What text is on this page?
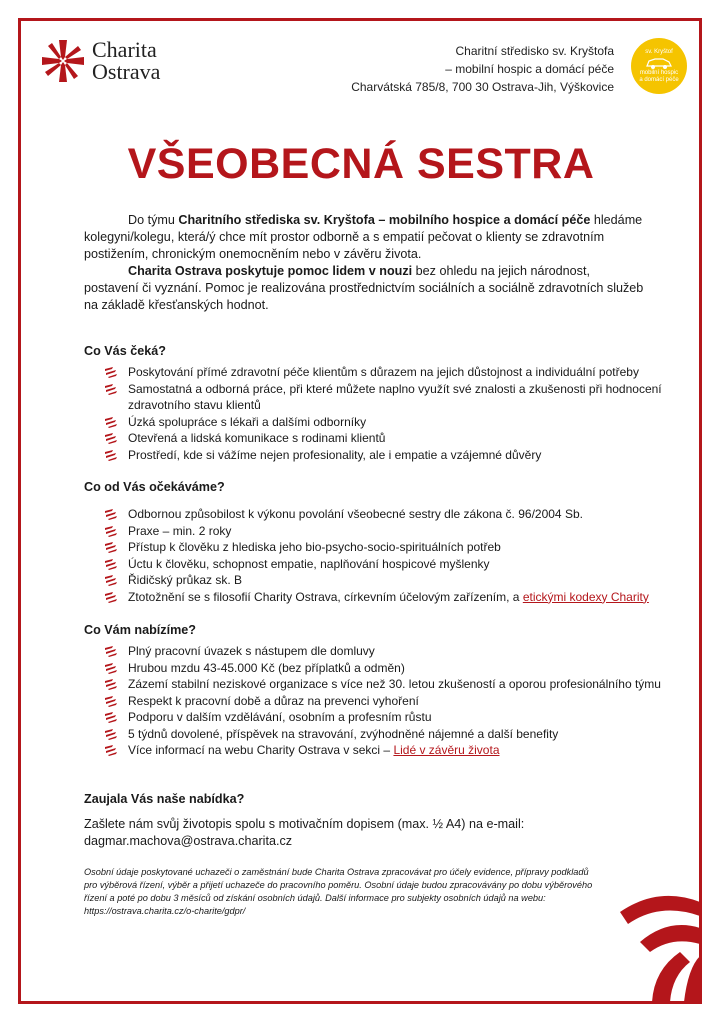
Charita
Ostrava
Charitní středisko sv. Kryštofa
– mobilní hospic a domácí péče
Charvátská 785/8, 700 30 Ostrava-Jih, Výškovice
sv. Kryštof
mobilní hospic
a domácí péče
VŠEOBECNÁ SESTRA

Do týmu Charitního střediska sv. Kryštofa – mobilního hospice a domácí péče hledáme kolegyni/kolegu, která/ý chce mít prostor odborně a s empatií pečovat o klienty se zdravotním postižením, chronickým onemocněním nebo v závěru života.

Charita Ostrava poskytuje pomoc lidem v nouzi bez ohledu na jejich národnost, postavení či vyznání. Pomoc je realizována prostřednictvím sociálních a sociálně zdravotních služeb na základě křesťanských hodnot.

Co Vás čeká?
Poskytování přímé zdravotní péče klientům s důrazem na jejich důstojnost a individuální potřeby
Samostatná a odborná práce, při které můžete naplno využít své znalosti a zkušenosti při hodnocení zdravotního stavu klientů
Úzká spolupráce s lékaři a dalšími odborníky
Otevřená a lidská komunikace s rodinami klientů
Prostředí, kde si vážíme nejen profesionality, ale i empatie a vzájemné důvěry
Co od Vás očekáváme?
Odbornou způsobilost k výkonu povolání všeobecné sestry dle zákona č. 96/2004 Sb.
Praxe – min. 2 roky
Přístup k člověku z hlediska jeho bio-psycho-socio-spirituálních potřeb
Úctu k člověku, schopnost empatie, naplňování hospicové myšlenky
Řidičský průkaz sk. B
Ztotožnění se s filosofií Charity Ostrava, církevním účelovým zařízením, a etickými kodexy Charity
Co Vám nabízíme?
Plný pracovní úvazek s nástupem dle domluvy
Hrubou mzdu 43-45.000 Kč (bez příplatků a odměn)
Zázemí stabilní neziskové organizace s více než 30. letou zkušeností a oporou profesionálního týmu
Respekt k pracovní době a důraz na prevenci vyhoření
Podporu v dalším vzdělávání, osobním a profesním růstu
5 týdnů dovolené, příspěvek na stravování, zvýhodněné nájemné a další benefity
Více informací na webu Charity Ostrava v sekci – Lidé v závěru života
Zaujala Vás naše nabídka?
Zašlete nám svůj životopis spolu s motivačním dopisem (max. ½ A4) na e-mail:
dagmar.machova@ostrava.charita.cz
Osobní údaje poskytované uchazeči o zaměstnání bude Charita Ostrava zpracovávat pro účely evidence, přípravy podkladů pro výběrová řízení, výběr a přijetí uchazeče do pracovního poměru. Osobní údaje budou zpracovávány po dobu výběrového řízení a poté po dobu 3 měsíců od získání osobních údajů. Další informace pro subjekty osobních údajů na webu: https://ostrava.charita.cz/o-charite/gdpr/
